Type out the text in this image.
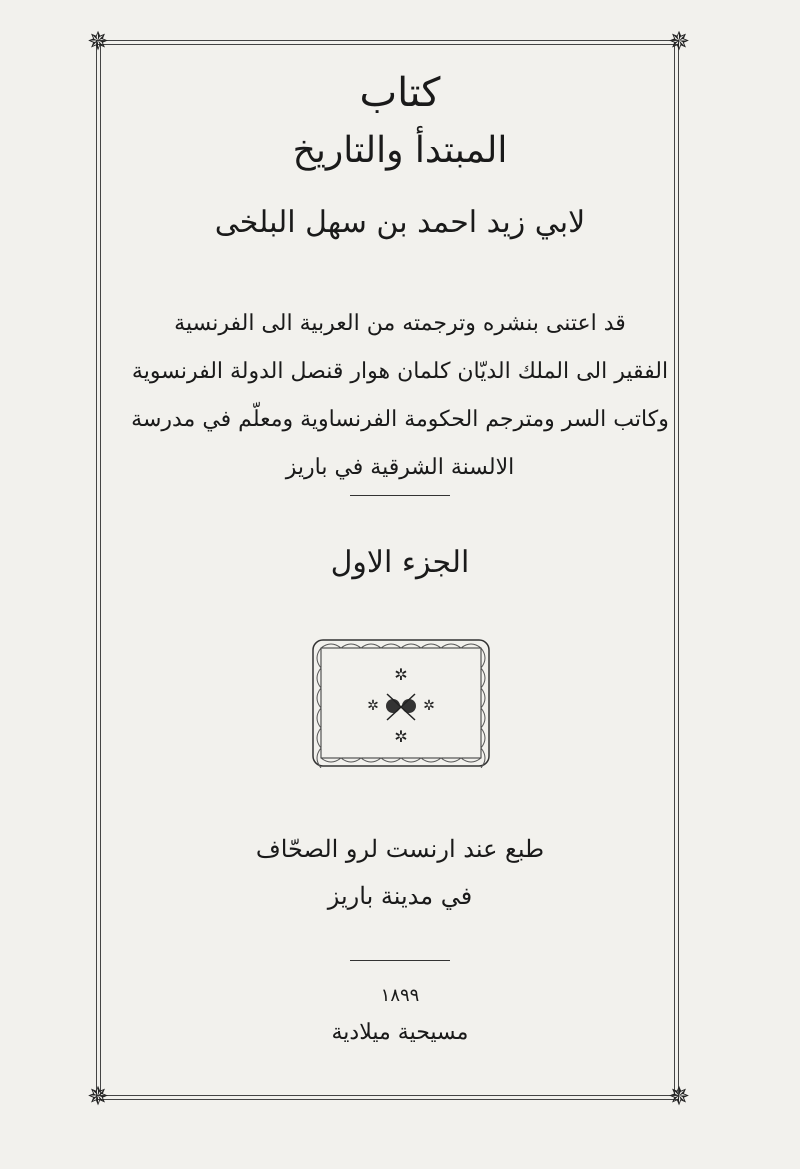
✵	✵
✵	✵
كتاب
المبتدأ والتاريخ
لابي زيد احمد بن سهل البلخى
قد اعتنى بنشره وترجمته من العربية الى الفرنسية
الفقير الى الملك الديّان كلمان هوار قنصل الدولة الفرنسوية
وكاتب السر ومترجم الحكومة الفرنساوية ومعلّم في مدرسة
الالسنة الشرقية في باريز
الجزء الاول
✲
✲	✲
✲
طبع عند ارنست لرو الصحّاف
في مدينة باريز
١٨٩٩
مسيحية ميلادية
